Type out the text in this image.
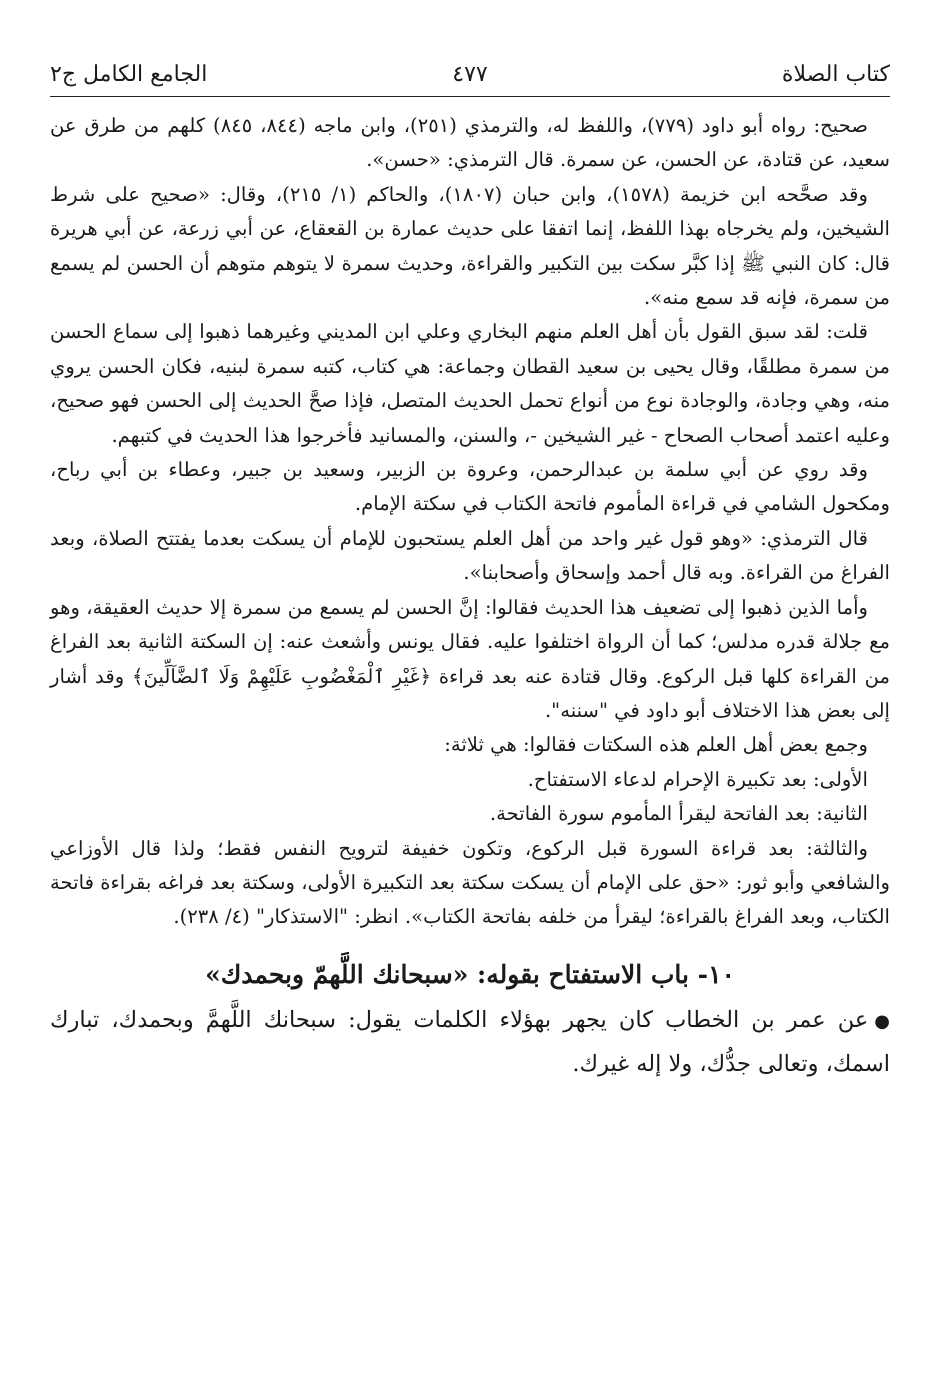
كتاب الصلاة
٤٧٧
الجامع الكامل ج٢

صحيح: رواه أبو داود (٧٧٩)، واللفظ له، والترمذي (٢٥١)، وابن ماجه (٨٤٤، ٨٤٥) كلهم من طرق عن سعيد، عن قتادة، عن الحسن، عن سمرة. قال الترمذي: «حسن».

وقد صحَّحه ابن خزيمة (١٥٧٨)، وابن حبان (١٨٠٧)، والحاكم (١/ ٢١٥)، وقال: «صحيح على شرط الشيخين، ولم يخرجاه بهذا اللفظ، إنما اتفقا على حديث عمارة بن القعقاع، عن أبي زرعة، عن أبي هريرة قال: كان النبي ﷺ إذا كبَّر سكت بين التكبير والقراءة، وحديث سمرة لا يتوهم متوهم أن الحسن لم يسمع من سمرة، فإنه قد سمع منه».

قلت: لقد سبق القول بأن أهل العلم منهم البخاري وعلي ابن المديني وغيرهما ذهبوا إلى سماع الحسن من سمرة مطلقًا، وقال يحيى بن سعيد القطان وجماعة: هي كتاب، كتبه سمرة لبنيه، فكان الحسن يروي منه، وهي وجادة، والوجادة نوع من أنواع تحمل الحديث المتصل، فإذا صحَّ الحديث إلى الحسن فهو صحيح، وعليه اعتمد أصحاب الصحاح - غير الشيخين -، والسنن، والمسانيد فأخرجوا هذا الحديث في كتبهم.

وقد روي عن أبي سلمة بن عبدالرحمن، وعروة بن الزبير، وسعيد بن جبير، وعطاء بن أبي رباح، ومكحول الشامي في قراءة المأموم فاتحة الكتاب في سكتة الإمام.

قال الترمذي: «وهو قول غير واحد من أهل العلم يستحبون للإمام أن يسكت بعدما يفتتح الصلاة، وبعد الفراغ من القراءة. وبه قال أحمد وإسحاق وأصحابنا».

وأما الذين ذهبوا إلى تضعيف هذا الحديث فقالوا: إنَّ الحسن لم يسمع من سمرة إلا حديث العقيقة، وهو مع جلالة قدره مدلس؛ كما أن الرواة اختلفوا عليه. فقال يونس وأشعث عنه: إن السكتة الثانية بعد الفراغ من القراءة كلها قبل الركوع. وقال قتادة عنه بعد قراءة ﴿غَيْرِ ٱلْمَغْضُوبِ عَلَيْهِمْ وَلَا ٱلضَّآلِّينَ﴾ وقد أشار إلى بعض هذا الاختلاف أبو داود في "سننه".

وجمع بعض أهل العلم هذه السكتات فقالوا: هي ثلاثة:

الأولى: بعد تكبيرة الإحرام لدعاء الاستفتاح.

الثانية: بعد الفاتحة ليقرأ المأموم سورة الفاتحة.

والثالثة: بعد قراءة السورة قبل الركوع، وتكون خفيفة لترويح النفس فقط؛ ولذا قال الأوزاعي والشافعي وأبو ثور: «حق على الإمام أن يسكت سكتة بعد التكبيرة الأولى، وسكتة بعد فراغه بقراءة فاتحة الكتاب، وبعد الفراغ بالقراءة؛ ليقرأ من خلفه بفاتحة الكتاب». انظر: "الاستذكار" (٤/ ٢٣٨).

١٠- باب الاستفتاح بقوله: «سبحانك اللَّهمّ وبحمدك»

●عن عمر بن الخطاب كان يجهر بهؤلاء الكلمات يقول: سبحانك اللَّهمَّ وبحمدك، تبارك اسمك، وتعالى جدُّك، ولا إله غيرك.
